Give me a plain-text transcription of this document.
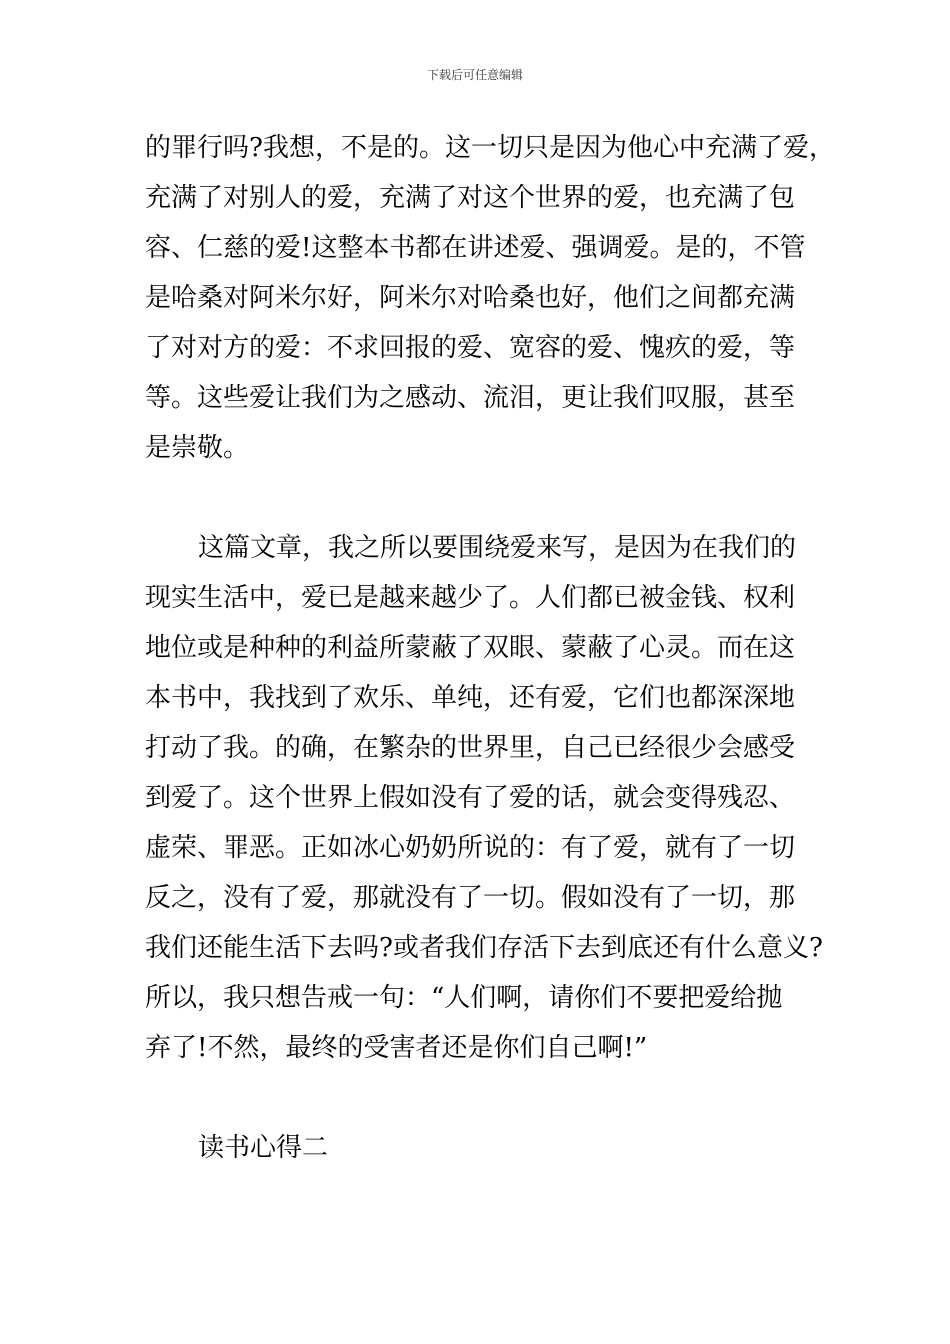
下载后可任意编辑
的罪行吗?我想，不是的。这一切只是因为他心中充满了爱，
充满了对别人的爱，充满了对这个世界的爱，也充满了包
容、仁慈的爱!这整本书都在讲述爱、强调爱。是的，不管
是哈桑对阿米尔好，阿米尔对哈桑也好，他们之间都充满
了对对方的爱：不求回报的爱、宽容的爱、愧疚的爱，等
等。这些爱让我们为之感动、流泪，更让我们叹服，甚至
是崇敬。
这篇文章，我之所以要围绕爱来写，是因为在我们的
现实生活中，爱已是越来越少了。人们都已被金钱、权利
地位或是种种的利益所蒙蔽了双眼、蒙蔽了心灵。而在这
本书中，我找到了欢乐、单纯，还有爱，它们也都深深地
打动了我。的确，在繁杂的世界里，自己已经很少会感受
到爱了。这个世界上假如没有了爱的话，就会变得残忍、
虚荣、罪恶。正如冰心奶奶所说的：有了爱，就有了一切
反之，没有了爱，那就没有了一切。假如没有了一切，那
我们还能生活下去吗?或者我们存活下去到底还有什么意义?
所以，我只想告戒一句：“人们啊，请你们不要把爱给抛
弃了!不然，最终的受害者还是你们自己啊!”
读书心得二
